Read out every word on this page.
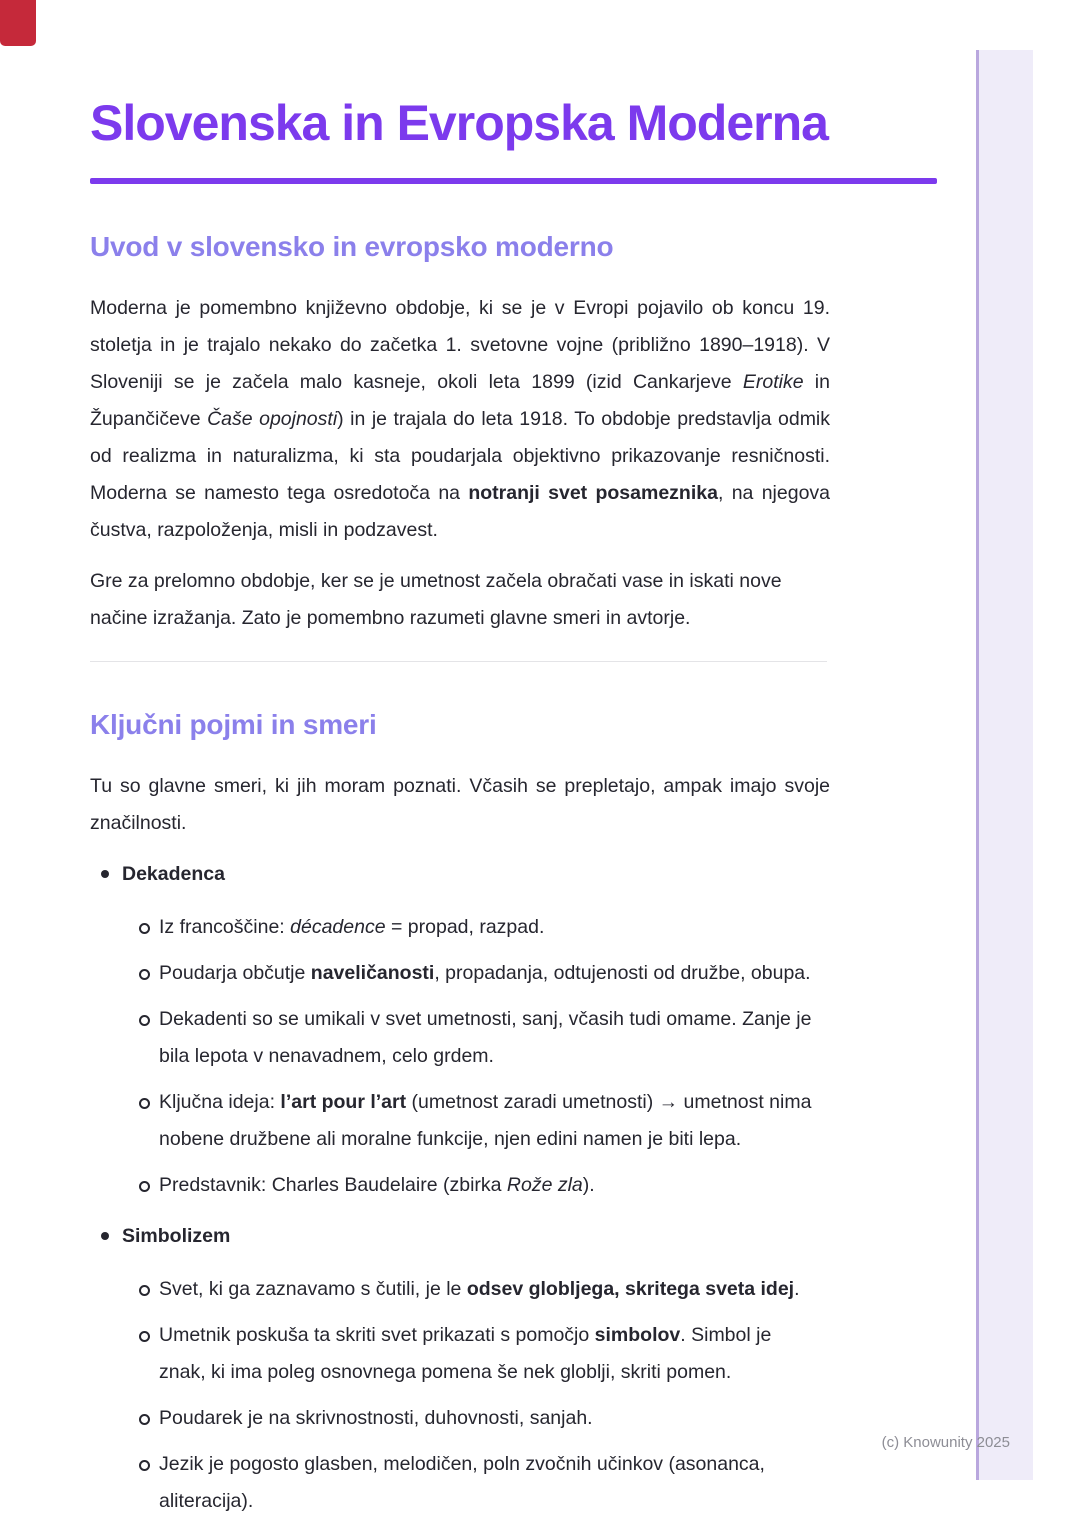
Slovenska in Evropska Moderna
Uvod v slovensko in evropsko moderno

Moderna je pomembno književno obdobje, ki se je v Evropi pojavilo ob koncu 19. stoletja in je trajalo nekako do začetka 1. svetovne vojne (približno 1890–1918). V Sloveniji se je začela malo kasneje, okoli leta 1899 (izid Cankarjeve Erotike in Župančičeve Čaše opojnosti) in je trajala do leta 1918. To obdobje predstavlja odmik od realizma in naturalizma, ki sta poudarjala objektivno prikazovanje resničnosti. Moderna se namesto tega osredotoča na notranji svet posameznika, na njegova čustva, razpoloženja, misli in podzavest.

Gre za prelomno obdobje, ker se je umetnost začela obračati vase in iskati nove načine izražanja. Zato je pomembno razumeti glavne smeri in avtorje.

Ključni pojmi in smeri

Tu so glavne smeri, ki jih moram poznati. Včasih se prepletajo, ampak imajo svoje značilnosti.

Dekadenca
Iz francoščine: décadence = propad, razpad.
Poudarja občutje naveličanosti, propadanja, odtujenosti od družbe, obupa.
Dekadenti so se umikali v svet umetnosti, sanj, včasih tudi omame. Zanje je bila lepota v nenavadnem, celo grdem.
Ključna ideja: l’art pour l’art (umetnost zaradi umetnosti) → umetnost nima nobene družbene ali moralne funkcije, njen edini namen je biti lepa.
Predstavnik: Charles Baudelaire (zbirka Rože zla).
Simbolizem
Svet, ki ga zaznavamo s čutili, je le odsev globljega, skritega sveta idej.
Umetnik poskuša ta skriti svet prikazati s pomočjo simbolov. Simbol je znak, ki ima poleg osnovnega pomena še nek globlji, skriti pomen.
Poudarek je na skrivnostnosti, duhovnosti, sanjah.
Jezik je pogosto glasben, melodičen, poln zvočnih učinkov (asonanca, aliteracija).
(c) Knowunity 2025
